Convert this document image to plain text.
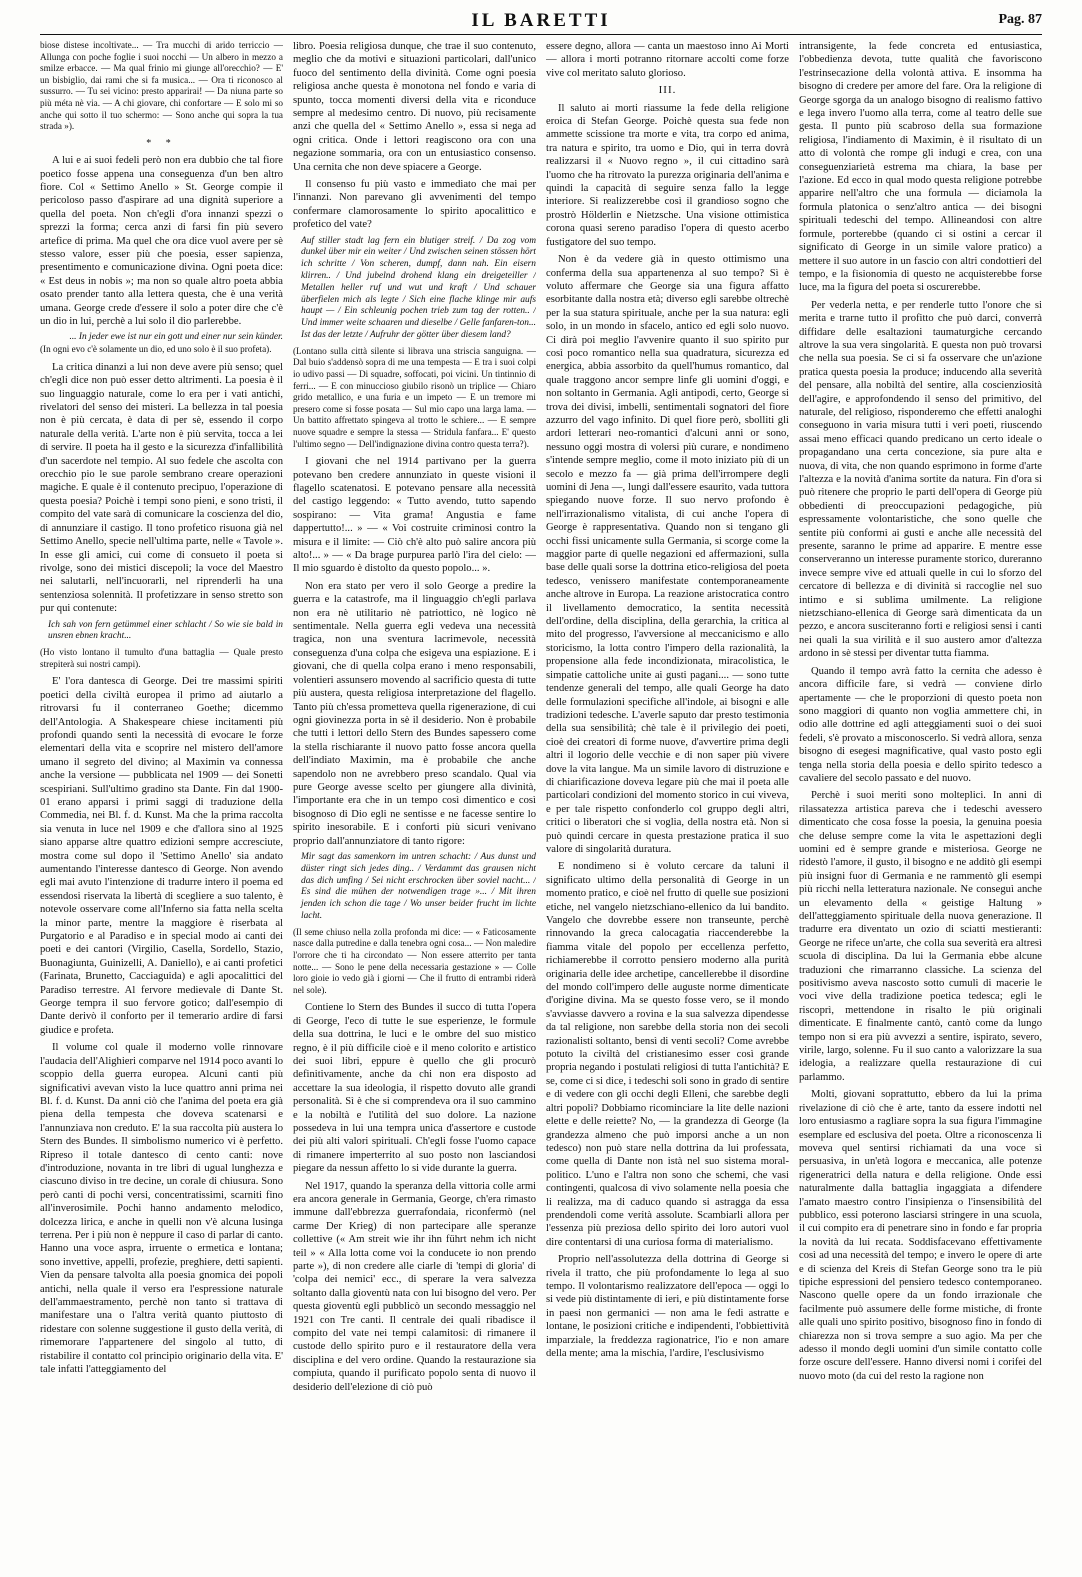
IL BARETTI	Pag. 87

biose distese incoltivate... — Tra mucchi di arido terriccio — Allunga con poche foglie i suoi nocchi — Un albero in mezzo a smilze erbacce. — Ma qual frinio mi giunge all'orecchio? — E' un bisbiglio, dai rami che si fa musica... — Ora ti riconosco al sussurro. — Tu sei vicino: presto apparirai! — Da niuna parte so più méta nè via. — A chi giovare, chi confortare — E solo mi so anche qui sotto il tuo schermo: — Sono anche qui sopra la tua strada »).

* *

A lui e ai suoi fedeli però non era dubbio che tal fiore poetico fosse appena una conseguenza d'un ben altro fiore. Col « Settimo Anello » St. George compie il pericoloso passo d'aspirare ad una dignità superiore a quella del poeta. Non ch'egli d'ora innanzi spezzi o sprezzi la forma; cerca anzi di farsi fin più severo artefice di prima. Ma quel che ora dice vuol avere per sè stesso valore, esser più che poesia, esser sapienza, presentimento e comunicazione divina. Ogni poeta dice: « Est deus in nobis »; ma non so quale altro poeta abbia osato prender tanto alla lettera questa, che è una verità umana. George crede d'essere il solo a poter dire che c'è un dio in lui, perchè a lui solo il dio parlerebbe.

... In jeder ewe ist nur ein gott und einer nur sein künder.

(In ogni evo c'è solamente un dio, ed uno solo è il suo profeta).

La critica dinanzi a lui non deve avere più senso; quel ch'egli dice non può esser detto altrimenti. La poesia è il suo linguaggio naturale, come lo era per i vati antichi, rivelatori del senso dei misteri. La bellezza in tal poesia non è più cercata, è data di per sè, essendo il corpo naturale della verità. L'arte non è più servita, tocca a lei di servire. Il poeta ha il gesto e la sicurezza d'infallibilità d'un sacerdote nel tempio. Al suo fedele che ascolta con orecchio pio le sue parole sembrano creare operazioni magiche. E quale è il contenuto precipuo, l'operazione di questa poesia? Poichè i tempi sono pieni, e sono tristi, il compito del vate sarà di comunicare la coscienza del dio, di annunziare il castigo. Il tono profetico risuona già nel Settimo Anello, specie nell'ultima parte, nelle « Tavole ». In esse gli amici, cui come di consueto il poeta si rivolge, sono dei mistici discepoli; la voce del Maestro nei salutarli, nell'incuorarli, nel riprenderli ha una sentenziosa solennità. Il profetizzare in senso stretto son pur qui contenute:

Ich sah von fern getümmel einer schlacht / So wie sie bald in unsren ebnen kracht...

(Ho visto lontano il tumulto d'una battaglia — Quale presto strepiterà sui nostri campi).

E' l'ora dantesca di George. Dei tre massimi spiriti poetici della civiltà europea il primo ad aiutarlo a ritrovarsi fu il conterraneo Goethe; dicemmo dell'Antologia. A Shakespeare chiese incitamenti più profondi quando sentì la necessità di evocare le forze elementari della vita e scoprire nel mistero dell'amore umano il segreto del divino; al Maximin va connessa anche la versione — pubblicata nel 1909 — dei Sonetti scespiriani. Sull'ultimo gradino sta Dante. Fin dal 1900-01 erano apparsi i primi saggi di traduzione della Commedia, nei Bl. f. d. Kunst. Ma che la prima raccolta sia venuta in luce nel 1909 e che d'allora sino al 1925 siano apparse altre quattro edizioni sempre accresciute, mostra come sul dopo il 'Settimo Anello' sia andato aumentando l'interesse dantesco di George. Non avendo egli mai avuto l'intenzione di tradurre intero il poema ed essendosi riservata la libertà di scegliere a suo talento, è notevole osservare come all'Inferno sia fatta nella scelta la minor parte, mentre la maggiore è riserbata al Purgatorio e al Paradiso e in special modo ai canti dei poeti e dei cantori (Virgilio, Casella, Sordello, Stazio, Buonagiunta, Guinizelli, A. Daniello), e ai canti profetici (Farinata, Brunetto, Cacciaguida) e agli apocalittici del Paradiso terrestre. Al fervore medievale di Dante St. George tempra il suo fervore gotico; dall'esempio di Dante derivò il conforto per il temerario ardire di farsi giudice e profeta.

Il volume col quale il moderno volle rinnovare l'audacia dell'Alighieri comparve nel 1914 poco avanti lo scoppio della guerra europea. Alcuni canti più significativi avevan visto la luce quattro anni prima nei Bl. f. d. Kunst. Da anni ciò che l'anima del poeta era già piena della tempesta che doveva scatenarsi e l'annunziava non creduto. E' la sua raccolta più austera lo Stern des Bundes. Il simbolismo numerico vi è perfetto. Ripreso il totale dantesco di cento canti: nove d'introduzione, novanta in tre libri di ugual lunghezza e ciascuno diviso in tre decine, un corale di chiusura. Sono però canti di pochi versi, concentratissimi, scarniti fino all'inverosimile. Pochi hanno andamento melodico, dolcezza lirica, e anche in quelli non v'è alcuna lusinga terrena. Per i più non è neppure il caso di parlar di canto. Hanno una voce aspra, irruente o ermetica e lontana; sono invettive, appelli, profezie, preghiere, detti sapienti. Vien da pensare talvolta alla poesia gnomica dei popoli antichi, nella quale il verso era l'espressione naturale dell'ammaestramento, perchè non tanto si trattava di manifestare una o l'altra verità quanto piuttosto di ridestare con solenne suggestione il gusto della verità, di rimemorare l'appartenere del singolo al tutto, di ristabilire il contatto col principio originario della vita. E' tale infatti l'atteggiamento del

libro. Poesia religiosa dunque, che trae il suo contenuto, meglio che da motivi e situazioni particolari, dall'unico fuoco del sentimento della divinità. Come ogni poesia religiosa anche questa è monotona nel fondo e varia di spunto, tocca momenti diversi della vita e riconduce sempre al medesimo centro. Di nuovo, più recisamente anzi che quella del « Settimo Anello », essa si nega ad ogni critica. Onde i lettori reagiscono ora con una negazione sommaria, ora con un entusiastico consenso. Una cernita che non deve spiacere a George.

Il consenso fu più vasto e immediato che mai per l'innanzi. Non parevano gli avvenimenti del tempo confermare clamorosamente lo spirito apocalittico e profetico del vate?

Auf stiller stadt lag fern ein blutiger streif. / Da zog vom dunkel über mir ein weiter / Und zwischen seinen stössen hört ich schritte / Von scheren, dumpf, dann nah. Ein eisern klirren.. / Und jubelnd drohend klang ein dreigeteiller / Metallen heller ruf und wut und kraft / Und schauer überfielen mich als legte / Sich eine flache klinge mir aufs haupt — / Ein schleunig pochen trieb zum tag der rotten.. / Und immer weite schaaren und dieselbe / Gelle fanfaren-ton... Ist das der letzte / Aufruhr der götter über diesem land?

(Lontano sulla città silente si librava una striscia sanguigna. — Dal buio s'addensò sopra di me una tempesta — E tra i suoi colpi io udivo passi — Di squadre, soffocati, poi vicini. Un tintinnio di ferri... — E con minuccioso giubilo risonò un triplice — Chiaro grido metallico, e una furia e un impeto — E un tremore mi presero come si fosse posata — Sul mio capo una larga lama. — Un battito affrettato spingeva al trotto le schiere... — E sempre nuove squadre e sempre la stessa — Stridula fanfara... E' questo l'ultimo segno — Dell'indignazione divina contro questa terra?).

I giovani che nel 1914 partivano per la guerra potevano ben credere annunziato in queste visioni il flagello scatenatosi. E potevano pensare alla necessità del castigo leggendo: « Tutto avendo, tutto sapendo sospirano: — Vita grama! Angustia e fame dappertutto!... » — « Voi costruite criminosi contro la misura e il limite: — Ciò ch'è alto può salire ancora più alto!... » — « Da brage purpurea parlò l'ira del cielo: — Il mio sguardo è distolto da questo popolo... ».

Non era stato per vero il solo George a predire la guerra e la catastrofe, ma il linguaggio ch'egli parlava non era nè utilitario nè patriottico, nè logico nè sentimentale. Nella guerra egli vedeva una necessità tragica, non una sventura lacrimevole, necessità conseguenza d'una colpa che esigeva una espiazione. E i giovani, che di quella colpa erano i meno responsabili, volentieri assunsero movendo al sacrificio questa di tutte più austera, questa religiosa interpretazione del flagello. Tanto più ch'essa prometteva quella rigenerazione, di cui ogni giovinezza porta in sè il desiderio. Non è probabile che tutti i lettori dello Stern des Bundes sapessero come la stella rischiarante il nuovo patto fosse ancora quella dell'indiato Maximin, ma è probabile che anche sapendolo non ne avrebbero preso scandalo. Qual via pure George avesse scelto per giungere alla divinità, l'importante era che in un tempo così dimentico e così bisognoso di Dio egli ne sentisse e ne facesse sentire lo spirito inesorabile. E i conforti più sicuri venivano proprio dall'annunziatore di tanto rigore:

Mir sagt das samenkorn im untren schacht: / Aus dunst und düster ringt sich jedes ding.. / Verdammt das grausen nicht das dich umfing / Sei nicht erschrocken über soviel nacht... / Es sind die mühen der notwendigen trage »... / Mit ihren jenden ich schon die tage / Wo unser beider frucht im lichte lacht.

(Il seme chiuso nella zolla profonda mi dice: — « Faticosamente nasce dalla putredine e dalla tenebra ogni cosa... — Non maledire l'orrore che ti ha circondato — Non essere atterrito per tanta notte... — Sono le pene della necessaria gestazione » — Colle loro gioie io vedo già i giorni — Che il frutto di entrambi riderà nel sole).

Contiene lo Stern des Bundes il succo di tutta l'opera di George, l'eco di tutte le sue esperienze, le formule della sua dottrina, le luci e le ombre del suo mistico regno, è il più difficile cioè e il meno colorito e artistico dei suoi libri, eppure è quello che gli procurò definitivamente, anche da chi non era disposto ad accettare la sua ideologia, il rispetto dovuto alle grandi personalità. Sì è che si comprendeva ora il suo cammino e la nobiltà e l'utilità del suo dolore. La nazione possedeva in lui una tempra unica d'assertore e custode dei più alti valori spirituali. Ch'egli fosse l'uomo capace di rimanere imperterrito al suo posto non lasciandosi piegare da nessun affetto lo si vide durante la guerra.

Nel 1917, quando la speranza della vittoria colle armi era ancora generale in Germania, George, ch'era rimasto immune dall'ebbrezza guerrafondaia, riconfermò (nel carme Der Krieg) di non partecipare alle speranze collettive (« Am streit wie ihr ihn führt nehm ich nicht teil » « Alla lotta come voi la conducete io non prendo parte »), di non credere alle ciarle di 'tempi di gloria' di 'colpa dei nemici' ecc., di sperare la vera salvezza soltanto dalla gioventù nata con lui bisogno del vero. Per questa gioventù egli pubblicò un secondo messaggio nel 1921 con Tre canti. Il centrale dei quali ribadisce il compito del vate nei tempi calamitosi: di rimanere il custode dello spirito puro e il restauratore della vera disciplina e del vero ordine. Quando la restaurazione sia compiuta, quando il purificato popolo senta di nuovo il desiderio dell'elezione di ciò può

essere degno, allora — canta un maestoso inno Ai Morti — allora i morti potranno ritornare accolti come forze vive col meritato saluto glorioso.

III.

Il saluto ai morti riassume la fede della religione eroica di Stefan George. Poichè questa sua fede non ammette scissione tra morte e vita, tra corpo ed anima, tra natura e spirito, tra uomo e Dio, qui in terra dovrà realizzarsi il « Nuovo regno », il cui cittadino sarà l'uomo che ha ritrovato la purezza originaria dell'anima e quindi la capacità di seguire senza fallo la legge interiore. Si realizzerebbe così il grandioso sogno che prostrò Hölderlin e Nietzsche. Una visione ottimistica corona quasi sereno paradiso l'opera di questo acerbo fustigatore del suo tempo.

Non è da vedere già in questo ottimismo una conferma della sua appartenenza al suo tempo? Sì è voluto affermare che George sia una figura affatto esorbitante dalla nostra età; diverso egli sarebbe oltrechè per la sua statura spirituale, anche per la sua natura: egli solo, in un mondo in sfacelo, antico ed egli solo nuovo. Ci dirà poi meglio l'avvenire quanto il suo spirito pur così poco romantico nella sua quadratura, sicurezza ed energica, abbia assorbito da quell'humus romantico, dal quale traggono ancor sempre linfe gli uomini d'oggi, e non soltanto in Germania. Agli antipodi, certo, George si trova dei divisi, imbelli, sentimentali sognatori del fiore azzurro del vago infinito. Di quel fiore però, sbolliti gli ardori letterari neo-romantici d'alcuni anni or sono, nessuno oggi mostra di volersi più curare, e nondimeno s'intende sempre meglio, come il moto iniziato più di un secolo e mezzo fa — già prima dell'irrompere degli uomini di Jena —, lungi dall'essere esaurito, vada tuttora spiegando nuove forze. Il suo nervo profondo è nell'irrazionalismo vitalista, di cui anche l'opera di George è rappresentativa. Quando non si tengano gli occhi fissi unicamente sulla Germania, si scorge come la maggior parte di quelle negazioni ed affermazioni, sulla base delle quali sorse la dottrina etico-religiosa del poeta tedesco, venissero manifestate contemporaneamente anche altrove in Europa. La reazione aristocratica contro il livellamento democratico, la sentita necessità dell'ordine, della disciplina, della gerarchia, la critica al mito del progresso, l'avversione al meccanicismo e allo storicismo, la lotta contro l'impero della razionalità, la propensione alla fede incondizionata, miracolistica, le simpatie cattoliche unite ai gusti pagani.... — sono tutte tendenze generali del tempo, alle quali George ha dato delle formulazioni specifiche all'indole, ai bisogni e alle tradizioni tedesche. L'averle saputo dar presto testimonia della sua sensibilità; chè tale è il privilegio dei poeti, cioè dei creatori di forme nuove, d'avvertire prima degli altri il logorio delle vecchie e di non saper più vivere dove la vita langue. Ma un simile lavoro di distruzione e di chiarificazione doveva legare più che mai il poeta alle particolari condizioni del momento storico in cui viveva, e per tale rispetto confonderlo col gruppo degli altri, critici o liberatori che si voglia, della nostra età. Non si può quindi cercare in questa prestazione pratica il suo valore di singolarità duratura.

E nondimeno si è voluto cercare da taluni il significato ultimo della personalità di George in un momento pratico, e cioè nel frutto di quelle sue posizioni etiche, nel vangelo nietzschiano-ellenico da lui bandito. Vangelo che dovrebbe essere non transeunte, perchè rinnovando la greca calocagatia riaccenderebbe la fiamma vitale del popolo per eccellenza perfetto, richiamerebbe il corrotto pensiero moderno alla purità originaria delle idee archetipe, cancellerebbe il disordine del mondo coll'impero delle auguste norme dimenticate d'origine divina. Ma se questo fosse vero, se il mondo s'avviasse davvero a rovina e la sua salvezza dipendesse da tal religione, non sarebbe della storia non dei secoli razionalisti soltanto, bensì di venti secoli? Come avrebbe potuto la civiltà del cristianesimo esser così grande propria negando i postulati religiosi di tutta l'antichità? E se, come ci si dice, i tedeschi soli sono in grado di sentire e di vedere con gli occhi degli Elleni, che sarebbe degli altri popoli? Dobbiamo ricominciare la lite delle nazioni elette e delle reiette? No, — la grandezza di George (la grandezza almeno che può imporsi anche a un non tedesco) non può stare nella dottrina da lui professata, come quella di Dante non istà nel suo sistema moral-politico. L'uno e l'altra non sono che schemi, che vasi contingenti, qualcosa di vivo solamente nella poesia che li realizza, ma di caduco quando si astragga da essa prendendoli come verità assolute. Scambiarli allora per l'essenza più preziosa dello spirito dei loro autori vuol dire contentarsi di una curiosa forma di materialismo.

Proprio nell'assolutezza della dottrina di George si rivela il tratto, che più profondamente lo lega al suo tempo. Il volontarismo realizzatore dell'epoca — oggi lo si vede più distintamente di ieri, e più distintamente forse in paesi non germanici — non ama le fedi astratte e lontane, le posizioni critiche e indipendenti, l'obbiettività imparziale, la freddezza ragionatrice, l'io e non amare della mente; ama la mischia, l'ardire, l'esclusivismo

intransigente, la fede concreta ed entusiastica, l'obbedienza devota, tutte qualità che favoriscono l'estrinsecazione della volontà attiva. E insomma ha bisogno di credere per amore del fare. Ora la religione di George sgorga da un analogo bisogno di realismo fattivo e lega invero l'uomo alla terra, come al teatro delle sue gesta. Il punto più scabroso della sua formazione religiosa, l'indiamento di Maximin, è il risultato di un atto di volontà che rompe gli indugi e crea, con una conseguenziarietà estrema ma chiara, la base per l'azione. Ed ecco in qual modo questa religione potrebbe apparire nell'altro che una formula — diciamola la formula platonica o senz'altro antica — dei bisogni spirituali tedeschi del tempo. Allineandosi con altre formule, porterebbe (quando ci si ostini a cercar il significato di George in un simile valore pratico) a mettere il suo autore in un fascio con altri condottieri del tempo, e la fisionomia di questo ne acquisterebbe forse luce, ma la figura del poeta si oscurerebbe.

Per vederla netta, e per renderle tutto l'onore che si merita e trarne tutto il profitto che può darci, converrà diffidare delle esaltazioni taumaturgiche cercando altrove la sua vera singolarità. E questa non può trovarsi che nella sua poesia. Se ci si fa osservare che un'azione pratica questa poesia la produce; inducendo alla severità del pensare, alla nobiltà del sentire, alla coscienziosità dell'agire, e approfondendo il senso del primitivo, del naturale, del religioso, risponderemo che effetti analoghi conseguono in varia misura tutti i veri poeti, riuscendo assai meno efficaci quando predicano un certo ideale o propagandano una certa concezione, sia pure alta e nuova, di vita, che non quando esprimono in forme d'arte l'altezza e la novità d'anima sortite da natura. Fin d'ora si può ritenere che proprio le parti dell'opera di George più obbedienti di preoccupazioni pedagogiche, più espressamente volontaristiche, che sono quelle che sentite più conformi ai gusti e anche alle necessità del presente, saranno le prime ad apparire. E mentre esse conserveranno un interesse puramente storico, dureranno invece sempre vive ed attuali quelle in cui lo sforzo del cercatore di bellezza e di divinità si raccoglie nel suo intimo e si sublima umilmente. La religione nietzschiano-ellenica di George sarà dimenticata da un pezzo, e ancora susciteranno forti e religiosi sensi i canti nei quali la sua virilità e il suo austero amor d'altezza ardono in sè stessi per diventar tutta fiamma.

Quando il tempo avrà fatto la cernita che adesso è ancora difficile fare, si vedrà — conviene dirlo apertamente — che le proporzioni di questo poeta non sono maggiori di quanto non voglia ammettere chi, in odio alle dottrine ed agli atteggiamenti suoi o dei suoi fedeli, s'è provato a misconoscerlo. Si vedrà allora, senza bisogno di esegesi magnificative, qual vasto posto egli tenga nella storia della poesia e dello spirito tedesco a cavaliere del secolo passato e del nuovo.

Perchè i suoi meriti sono molteplici. In anni di rilassatezza artistica pareva che i tedeschi avessero dimenticato che cosa fosse la poesia, la genuina poesia che deluse sempre come la vita le aspettazioni degli uomini ed è sempre grande e misteriosa. George ne ridestò l'amore, il gusto, il bisogno e ne additò gli esempi più insigni fuor di Germania e ne rammentò gli esempi più ricchi nella letteratura nazionale. Ne conseguì anche un elevamento della « geistige Haltung » dell'atteggiamento spirituale della nuova generazione. Il tradurre era diventato un ozio di sciatti mestieranti: George ne rifece un'arte, che colla sua severità era altresì scuola di disciplina. Da lui la Germania ebbe alcune traduzioni che rimarranno classiche. La scienza del positivismo aveva nascosto sotto cumuli di macerie le voci vive della tradizione poetica tedesca; egli le riscoprì, mettendone in risalto le più originali dimenticate. E finalmente cantò, cantò come da lungo tempo non si era più avvezzi a sentire, ispirato, severo, virile, largo, solenne. Fu il suo canto a valorizzare la sua idelogia, a realizzare quella restaurazione di cui parlammo.

Molti, giovani soprattutto, ebbero da lui la prima rivelazione di ciò che è arte, tanto da essere indotti nel loro entusiasmo a ragliare sopra la sua figura l'immagine esemplare ed esclusiva del poeta. Oltre a riconoscenza li moveva quel sentirsi richiamati da una voce sì persuasiva, in un'età logora e meccanica, alle potenze rigeneratrici della natura e della religione. Onde essi naturalmente dalla battaglia ingaggiata a difendere l'amato maestro contro l'insipienza o l'insensibilità del pubblico, essi poterono lasciarsi stringere in una scuola, il cui compito era di penetrare sino in fondo e far propria la novità da lui recata. Soddisfacevano effettivamente così ad una necessità del tempo; e invero le opere di arte e di scienza del Kreis di Stefan George sono tra le più tipiche espressioni del pensiero tedesco contemporaneo. Nascono quelle opere da un fondo irrazionale che facilmente può assumere delle forme mistiche, di fronte alle quali uno spirito positivo, bisognoso fino in fondo di chiarezza non si trova sempre a suo agio. Ma per che adesso il mondo degli uomini d'un simile contatto colle forze oscure dell'essere. Hanno diversi nomi i corifei del nuovo moto (da cui del resto la ragione non
